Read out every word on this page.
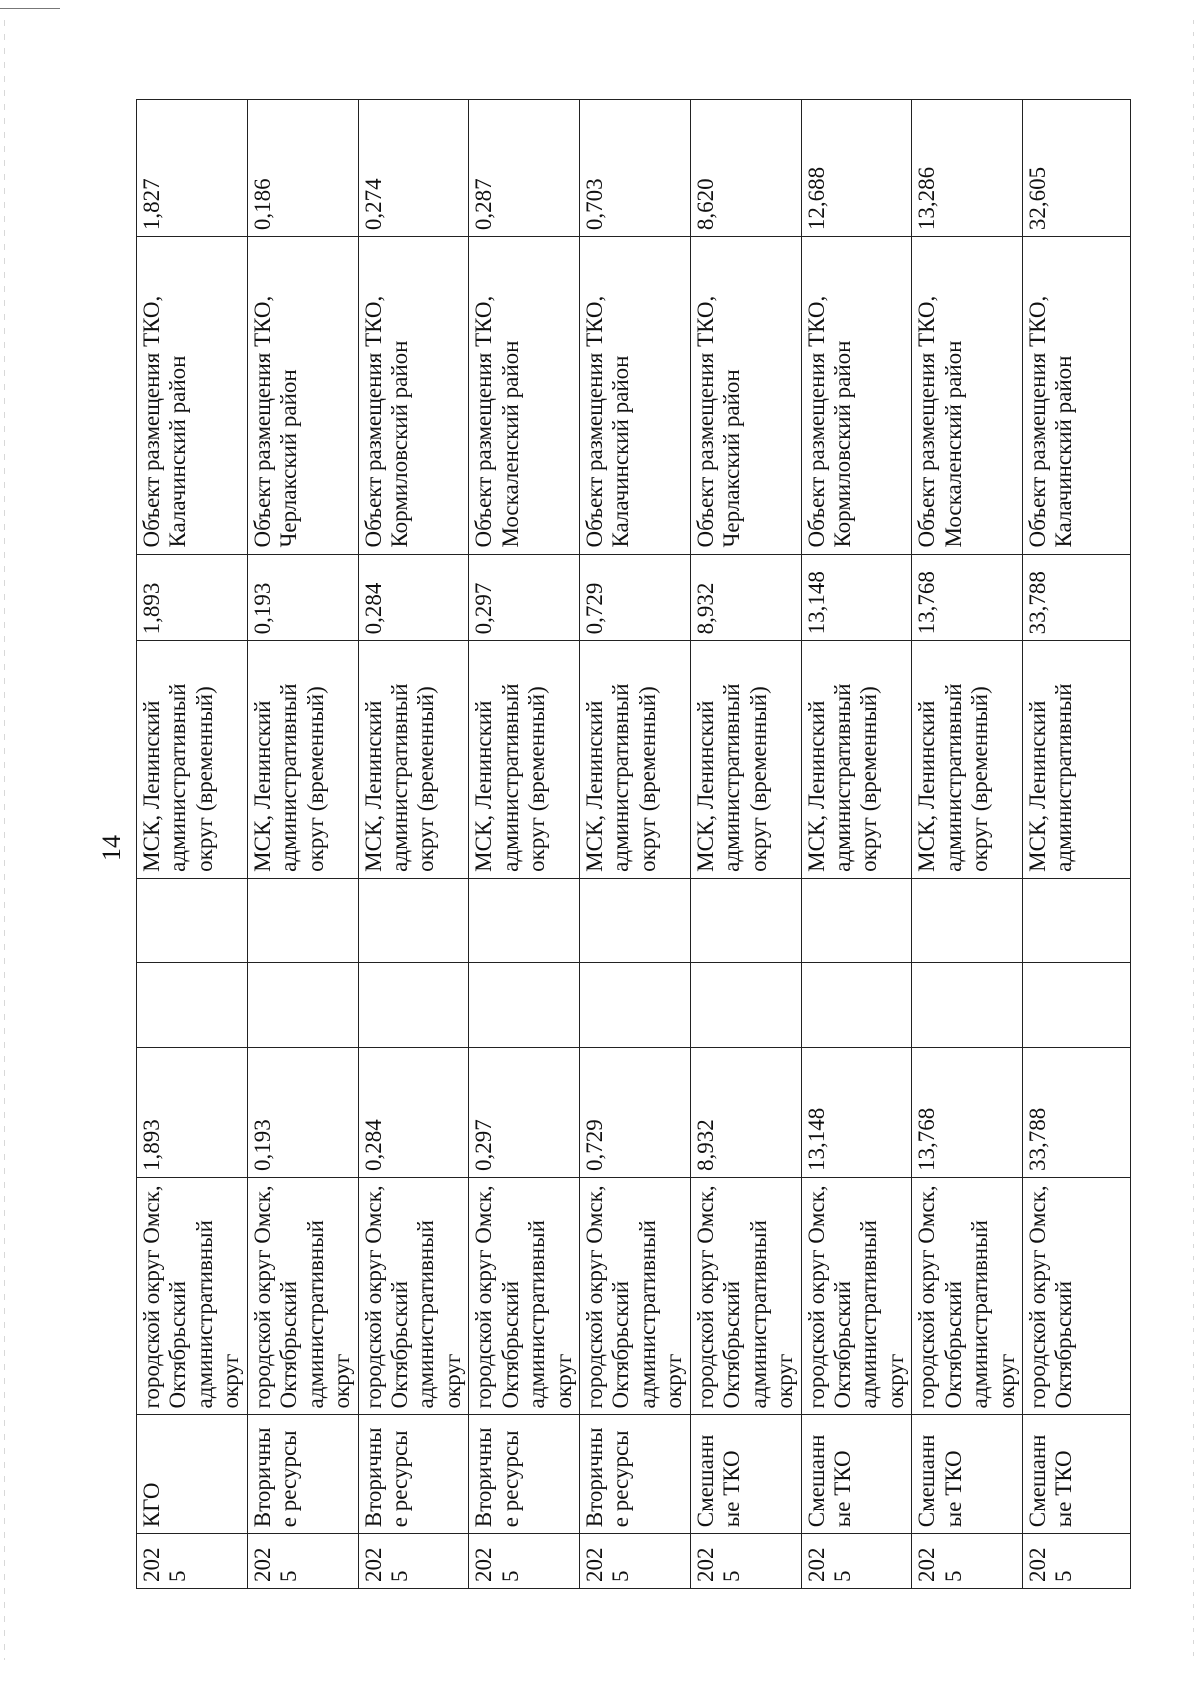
14
2025	КГО	городской округ Омск, Октябрьский административный округ	1,893			МСК, Ленинский административный округ (временный)	1,893	Объект размещения ТКО, Калачинский район	1,827
2025	Вторичные ресурсы	городской округ Омск, Октябрьский административный округ	0,193			МСК, Ленинский административный округ (временный)	0,193	Объект размещения ТКО, Черлакский район	0,186
2025	Вторичные ресурсы	городской округ Омск, Октябрьский административный округ	0,284			МСК, Ленинский административный округ (временный)	0,284	Объект размещения ТКО, Кормиловский район	0,274
2025	Вторичные ресурсы	городской округ Омск, Октябрьский административный округ	0,297			МСК, Ленинский административный округ (временный)	0,297	Объект размещения ТКО, Москаленский район	0,287
2025	Вторичные ресурсы	городской округ Омск, Октябрьский административный округ	0,729			МСК, Ленинский административный округ (временный)	0,729	Объект размещения ТКО, Калачинский район	0,703
2025	Смешанные ТКО	городской округ Омск, Октябрьский административный округ	8,932			МСК, Ленинский административный округ (временный)	8,932	Объект размещения ТКО, Черлакский район	8,620
2025	Смешанные ТКО	городской округ Омск, Октябрьский административный округ	13,148			МСК, Ленинский административный округ (временный)	13,148	Объект размещения ТКО, Кормиловский район	12,688
2025	Смешанные ТКО	городской округ Омск, Октябрьский административный округ	13,768			МСК, Ленинский административный округ (временный)	13,768	Объект размещения ТКО, Москаленский район	13,286
2025	Смешанные ТКО	городской округ Омск, Октябрьский	33,788			МСК, Ленинский административный	33,788	Объект размещения ТКО, Калачинский район	32,605
